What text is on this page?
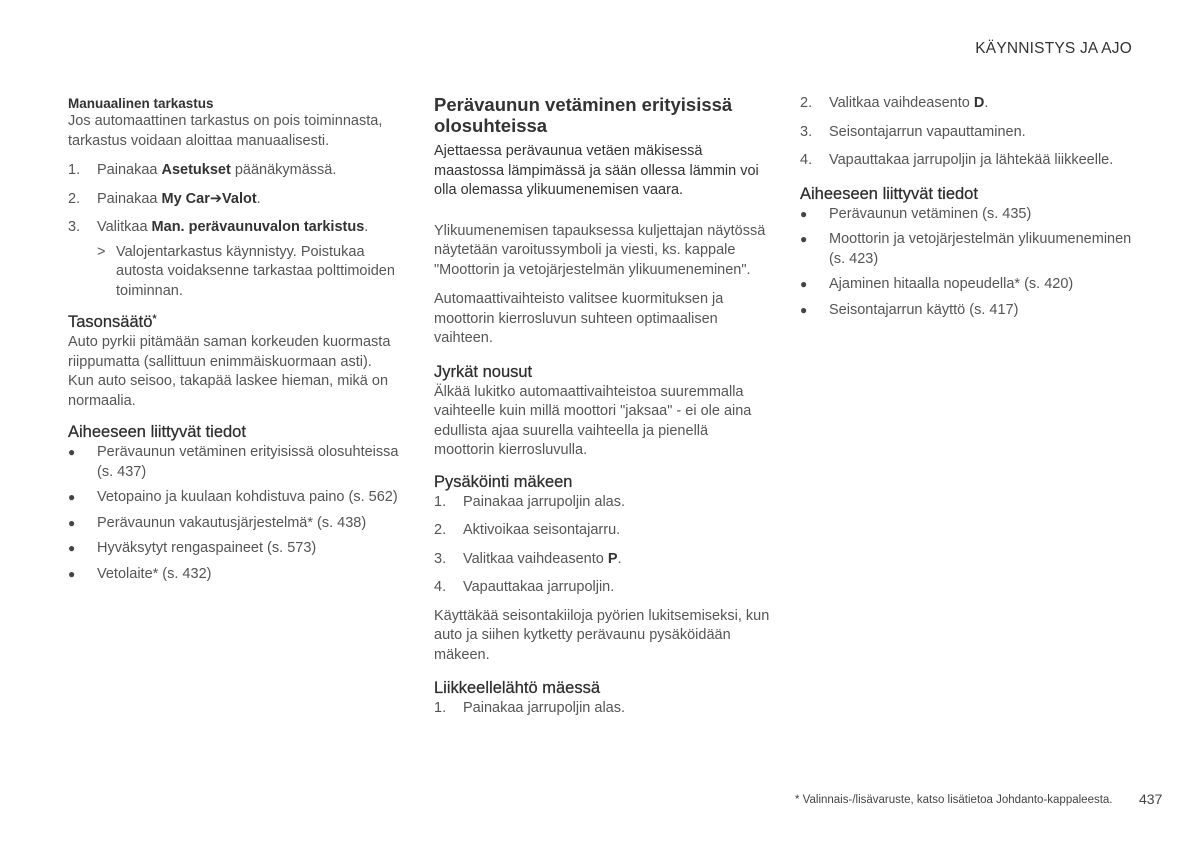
KÄYNNISTYS JA AJO
Manuaalinen tarkastus

Jos automaattinen tarkastus on pois toiminnasta, tarkastus voidaan aloittaa manuaalisesti.

1. Painakaa Asetukset päänäkymässä.
2. Painakaa My Car➔Valot.
3. Valitkaa Man. perävaunuvalon tarkistus.
> Valojentarkastus käynnistyy. Poistukaa autosta voidaksenne tarkastaa polttimoiden toiminnan.
Tasonsäätö*

Auto pyrkii pitämään saman korkeuden kuormasta riippumatta (sallittuun enimmäiskuormaan asti). Kun auto seisoo, takapää laskee hieman, mikä on normaalia.

Aiheeseen liittyvät tiedot
● Perävaunun vetäminen erityisissä olosuhteissa (s. 437)
● Vetopaino ja kuulaan kohdistuva paino (s. 562)
● Perävaunun vakautusjärjestelmä* (s. 438)
● Hyväksytyt rengaspaineet (s. 573)
● Vetolaite* (s. 432)
Perävaunun vetäminen erityisissä olosuhteissa

Ajettaessa perävaunua vetäen mäkisessä maastossa lämpimässä ja sään ollessa lämmin voi olla olemassa ylikuumenemisen vaara.

Ylikuumenemisen tapauksessa kuljettajan näytössä näytetään varoitussymboli ja viesti, ks. kappale "Moottorin ja vetojärjestelmän ylikuumeneminen".

Automaattivaihteisto valitsee kuormituksen ja moottorin kierrosluvun suhteen optimaalisen vaihteen.

Jyrkät nousut

Älkää lukitko automaattivaihteistoa suuremmalla vaihteelle kuin millä moottori "jaksaa" - ei ole aina edullista ajaa suurella vaihteella ja pienellä moottorin kierrosluvulla.

Pysäköinti mäkeen
1. Painakaa jarrupoljin alas.
2. Aktivoikaa seisontajarru.
3. Valitkaa vaihdeasento P.
4. Vapauttakaa jarrupoljin.

Käyttäkää seisontakiiloja pyörien lukitsemiseksi, kun auto ja siihen kytketty perävaunu pysäköidään mäkeen.

Liikkeellelähtö mäessä
1. Painakaa jarrupoljin alas.
2. Valitkaa vaihdeasento D.
3. Seisontajarrun vapauttaminen.
4. Vapauttakaa jarrupoljin ja lähtekää liikkeelle.
Aiheeseen liittyvät tiedot
● Perävaunun vetäminen (s. 435)
● Moottorin ja vetojärjestelmän ylikuumeneminen (s. 423)
● Ajaminen hitaalla nopeudella* (s. 420)
● Seisontajarrun käyttö (s. 417)
* Valinnais-/lisävaruste, katso lisätietoa Johdanto-kappaleesta. 437
